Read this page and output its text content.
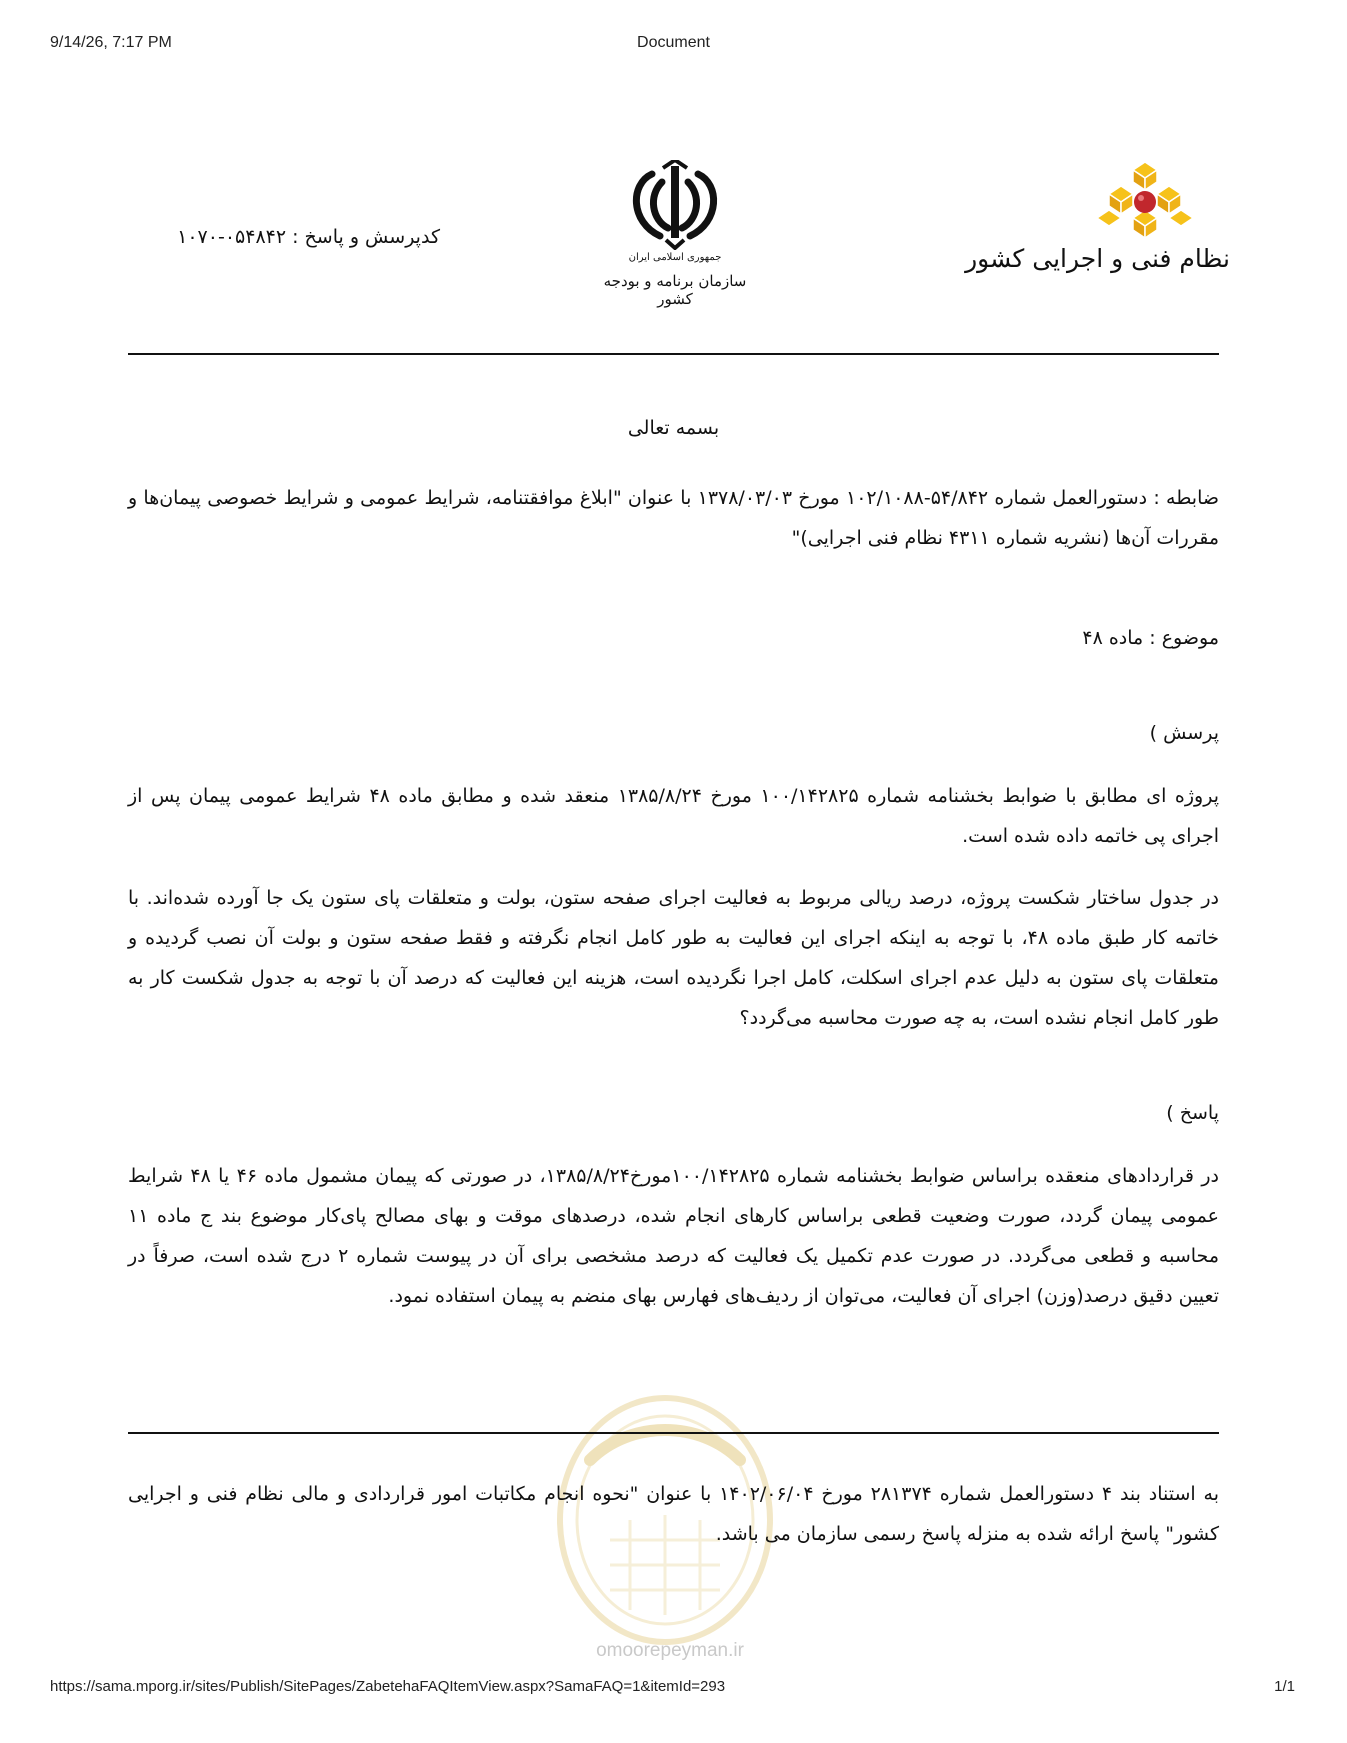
9/14/26, 7:17 PM	Document
کدپرسش و پاسخ : ۰۵۴۸۴۲-۱۰۷۰
جمهوری اسلامی ایران
سازمان برنامه و بودجه کشور
نظام فنی و اجرایی کشور
بسمه تعالی
ضابطه : دستورالعمل شماره ۵۴/۸۴۲-۱۰۲/۱۰۸۸ مورخ ۱۳۷۸/۰۳/۰۳ با عنوان "ابلاغ موافقتنامه، شرایط عمومی و شرایط خصوصی پیمان‌ها و مقررات آن‌ها (نشریه شماره ۴۳۱۱ نظام فنی اجرایی)"
موضوع : ماده ۴۸
پرسش )
پروژه ای مطابق با ضوابط بخشنامه شماره ۱۰۰/۱۴۲۸۲۵ مورخ ۱۳۸۵/۸/۲۴ منعقد شده و مطابق ماده ۴۸ شرایط عمومی پیمان پس از اجرای پی خاتمه داده شده است.
در جدول ساختار شکست پروژه، درصد ریالی مربوط به فعالیت اجرای صفحه ستون، بولت و متعلقات پای ستون یک جا آورده شده‌اند. با خاتمه کار طبق ماده ۴۸، با توجه به اینکه اجرای این فعالیت به طور کامل انجام نگرفته و فقط صفحه ستون و بولت آن نصب گردیده و متعلقات پای ستون به دلیل عدم اجرای اسکلت، کامل اجرا نگردیده است، هزینه این فعالیت که درصد آن با توجه به جدول شکست کار به طور کامل انجام نشده است، به چه صورت محاسبه می‌گردد؟
پاسخ )
در قراردادهای منعقده براساس ضوابط بخشنامه شماره ۱۰۰/۱۴۲۸۲۵مورخ۱۳۸۵/۸/۲۴، در صورتی که پیمان مشمول ماده ۴۶ یا ۴۸ شرایط عمومی پیمان گردد، صورت وضعیت قطعی براساس کارهای انجام شده، درصدهای موقت و بهای مصالح پای‌کار موضوع بند ج ماده ۱۱ محاسبه و قطعی می‌گردد. در صورت عدم تکمیل یک فعالیت که درصد مشخصی برای آن در پیوست شماره ۲ درج شده است، صرفاً در تعیین دقیق درصد(وزن) اجرای آن فعالیت، می‌توان از ردیف‌های فهارس بهای منضم به پیمان استفاده نمود.
به استناد بند ۴ دستورالعمل شماره ۲۸۱۳۷۴ مورخ ۱۴۰۲/۰۶/۰۴ با عنوان "نحوه انجام مکاتبات امور قراردادی و مالی نظام فنی و اجرایی کشور" پاسخ ارائه شده به منزله پاسخ رسمی سازمان می باشد.
omoorepeyman.ir
https://sama.mporg.ir/sites/Publish/SitePages/ZabetehaFAQItemView.aspx?SamaFAQ=1&itemId=293	1/1
